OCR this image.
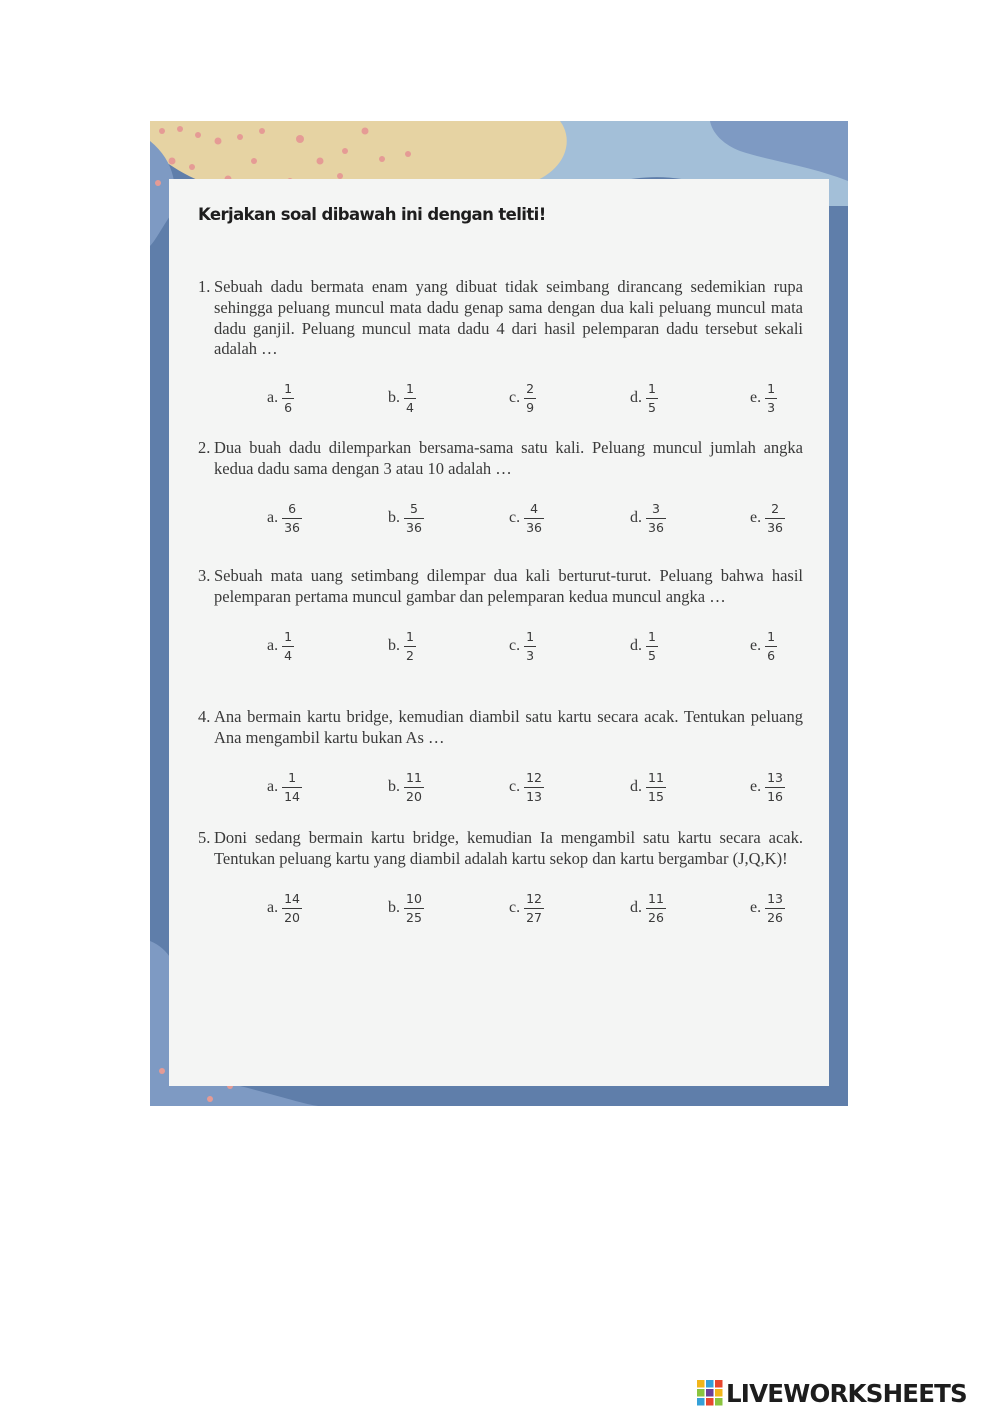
Kerjakan soal dibawah ini dengan teliti!
1. Sebuah dadu bermata enam yang dibuat tidak seimbang dirancang sedemikian rupa sehingga peluang muncul mata dadu genap sama dengan dua kali peluang muncul mata dadu ganjil. Peluang muncul mata dadu 4 dari hasil pelemparan dadu tersebut sekali adalah …
a. $\frac{1}{6}$	b. $\frac{1}{4}$	c. $\frac{2}{9}$	d. $\frac{1}{5}$	e. $\frac{1}{3}$
2. Dua buah dadu dilemparkan bersama-sama satu kali. Peluang muncul jumlah angka kedua dadu sama dengan 3 atau 10 adalah …
a. $\frac{6}{36}$	b. $\frac{5}{36}$	c. $\frac{4}{36}$	d. $\frac{3}{36}$	e. $\frac{2}{36}$
3. Sebuah mata uang setimbang dilempar dua kali berturut-turut. Peluang bahwa hasil pelemparan pertama muncul gambar dan pelemparan kedua muncul angka …
a. $\frac{1}{4}$	b. $\frac{1}{2}$	c. $\frac{1}{3}$	d. $\frac{1}{5}$	e. $\frac{1}{6}$
4. Ana bermain kartu bridge, kemudian diambil satu kartu secara acak. Tentukan peluang Ana mengambil kartu bukan As …
a. $\frac{1}{14}$	b. $\frac{11}{20}$	c. $\frac{12}{13}$	d. $\frac{11}{15}$	e. $\frac{13}{16}$
5. Doni sedang bermain kartu bridge, kemudian Ia mengambil satu kartu secara acak. Tentukan peluang kartu yang diambil adalah kartu sekop dan kartu bergambar (J,Q,K)!
a. $\frac{14}{20}$	b. $\frac{10}{25}$	c. $\frac{12}{27}$	d. $\frac{11}{26}$	e. $\frac{13}{26}$
LIVEWORKSHEETS
